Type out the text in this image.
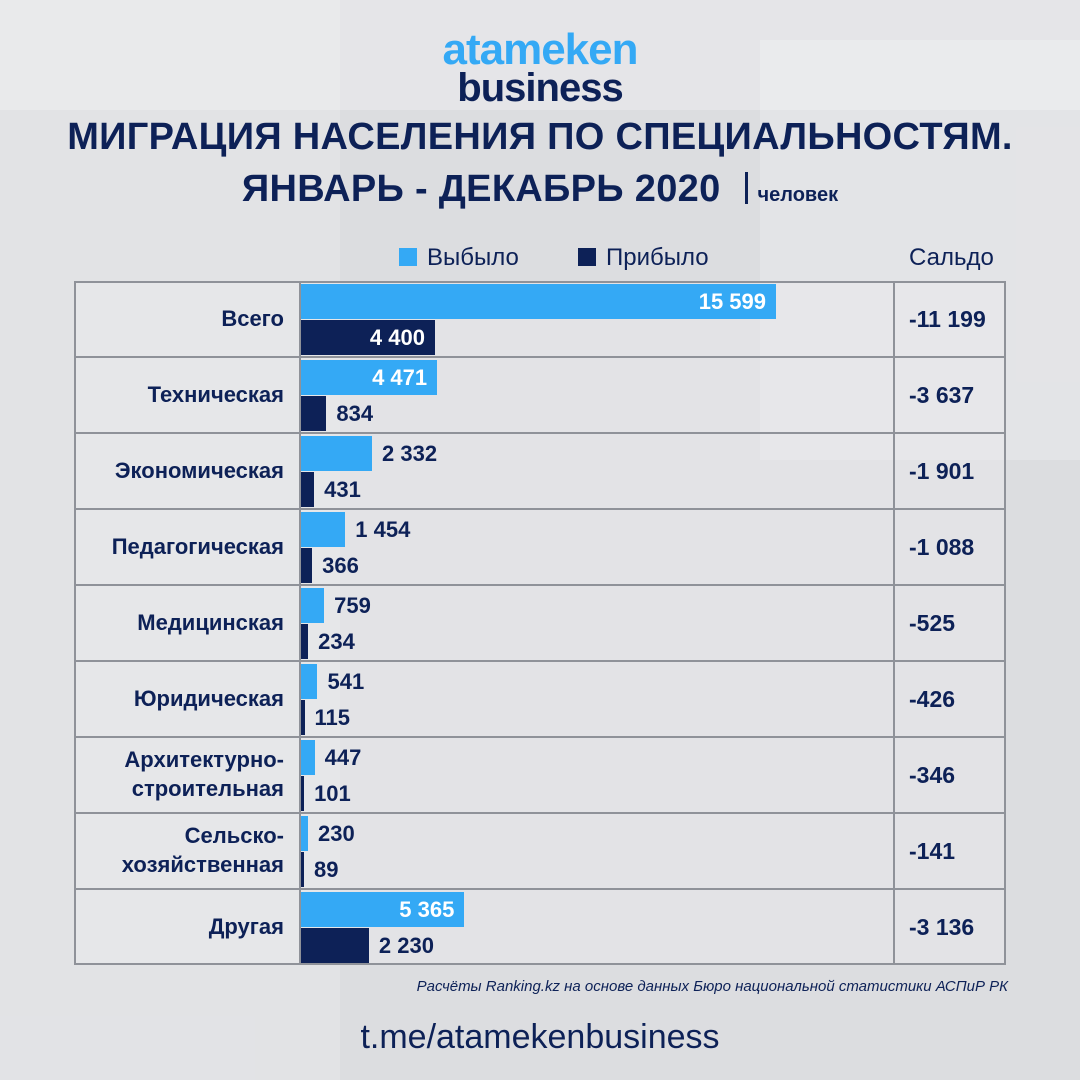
atameken
business
МИГРАЦИЯ НАСЕЛЕНИЯ ПО СПЕЦИАЛЬНОСТЯМ.
ЯНВАРЬ - ДЕКАБРЬ 2020 человек
Выбыло	Прибыло	Сальдо
Всего
15 599
4 400
-11 199
Техническая
4 471
834
-3 637
Экономическая
2 332
431
-1 901
Педагогическая
1 454
366
-1 088
Медицинская
759
234
-525
Юридическая
541
115
-426
Архитектурно-
строительная
447
101
-346
Сельско-
хозяйственная
230
89
-141
Другая
5 365
2 230
-3 136
Расчёты Ranking.kz на основе данных Бюро национальной статистики АСПиР РК
t.me/atamekenbusiness
